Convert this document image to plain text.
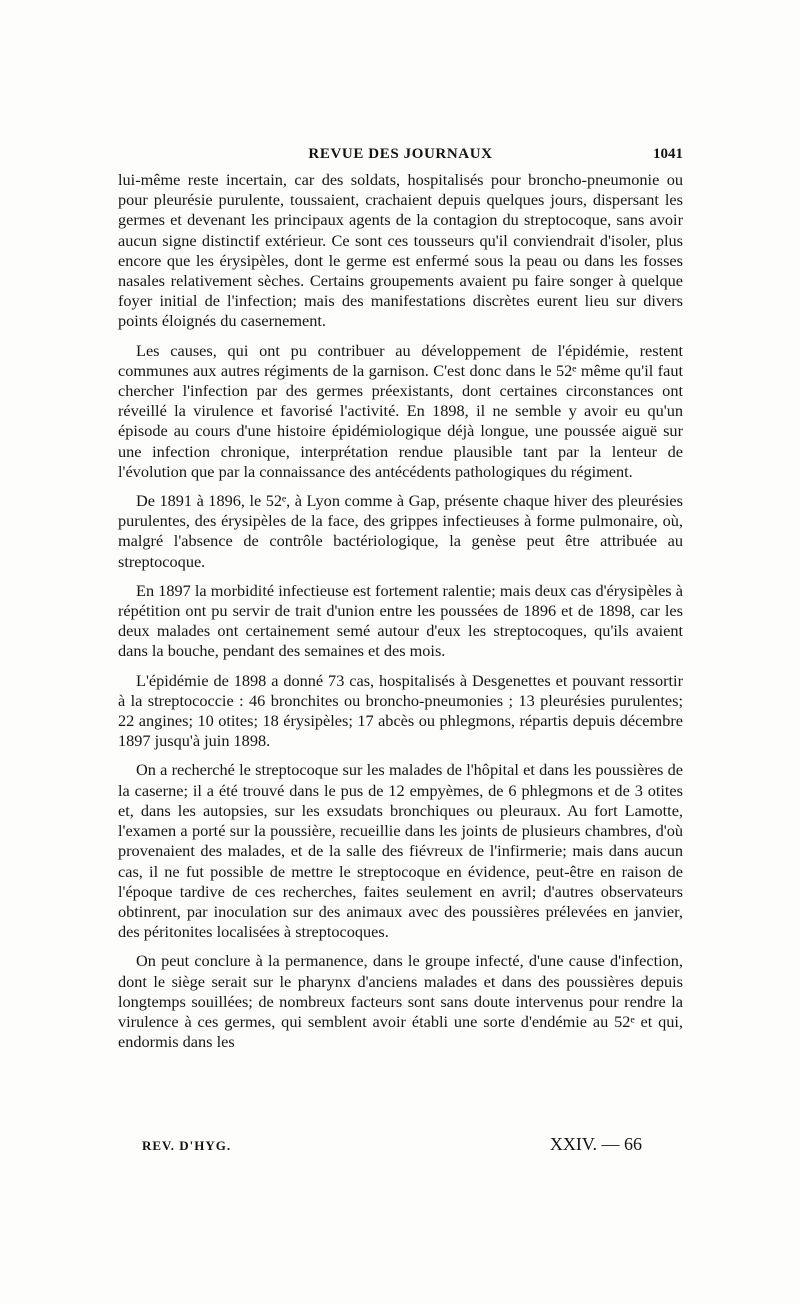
REVUE DES JOURNAUX	1041

lui-même reste incertain, car des soldats, hospitalisés pour broncho-pneumonie ou pour pleurésie purulente, toussaient, crachaient depuis quelques jours, dispersant les germes et devenant les principaux agents de la contagion du streptocoque, sans avoir aucun signe distinctif extérieur. Ce sont ces tousseurs qu'il conviendrait d'isoler, plus encore que les érysipèles, dont le germe est enfermé sous la peau ou dans les fosses nasales relativement sèches. Certains groupements avaient pu faire songer à quelque foyer initial de l'infection; mais des manifestations discrètes eurent lieu sur divers points éloignés du casernement.

Les causes, qui ont pu contribuer au développement de l'épidémie, restent communes aux autres régiments de la garnison. C'est donc dans le 52ᵉ même qu'il faut chercher l'infection par des germes préexistants, dont certaines circonstances ont réveillé la virulence et favorisé l'activité. En 1898, il ne semble y avoir eu qu'un épisode au cours d'une histoire épidémiologique déjà longue, une poussée aiguë sur une infection chronique, interprétation rendue plausible tant par la lenteur de l'évolution que par la connaissance des antécédents pathologiques du régiment.

De 1891 à 1896, le 52ᵉ, à Lyon comme à Gap, présente chaque hiver des pleurésies purulentes, des érysipèles de la face, des grippes infectieuses à forme pulmonaire, où, malgré l'absence de contrôle bactériologique, la genèse peut être attribuée au streptocoque.

En 1897 la morbidité infectieuse est fortement ralentie; mais deux cas d'érysipèles à répétition ont pu servir de trait d'union entre les poussées de 1896 et de 1898, car les deux malades ont certainement semé autour d'eux les streptocoques, qu'ils avaient dans la bouche, pendant des semaines et des mois.

L'épidémie de 1898 a donné 73 cas, hospitalisés à Desgenettes et pouvant ressortir à la streptococcie : 46 bronchites ou broncho-pneumonies ; 13 pleurésies purulentes; 22 angines; 10 otites; 18 érysipèles; 17 abcès ou phlegmons, répartis depuis décembre 1897 jusqu'à juin 1898.

On a recherché le streptocoque sur les malades de l'hôpital et dans les poussières de la caserne; il a été trouvé dans le pus de 12 empyèmes, de 6 phlegmons et de 3 otites et, dans les autopsies, sur les exsudats bronchiques ou pleuraux. Au fort Lamotte, l'examen a porté sur la poussière, recueillie dans les joints de plusieurs chambres, d'où provenaient des malades, et de la salle des fiévreux de l'infirmerie; mais dans aucun cas, il ne fut possible de mettre le streptocoque en évidence, peut-être en raison de l'époque tardive de ces recherches, faites seulement en avril; d'autres observateurs obtinrent, par inoculation sur des animaux avec des poussières prélevées en janvier, des péritonites localisées à streptocoques.

On peut conclure à la permanence, dans le groupe infecté, d'une cause d'infection, dont le siège serait sur le pharynx d'anciens malades et dans des poussières depuis longtemps souillées; de nombreux facteurs sont sans doute intervenus pour rendre la virulence à ces germes, qui semblent avoir établi une sorte d'endémie au 52ᵉ et qui, endormis dans les

REV. D'HYG.	XXIV. — 66
